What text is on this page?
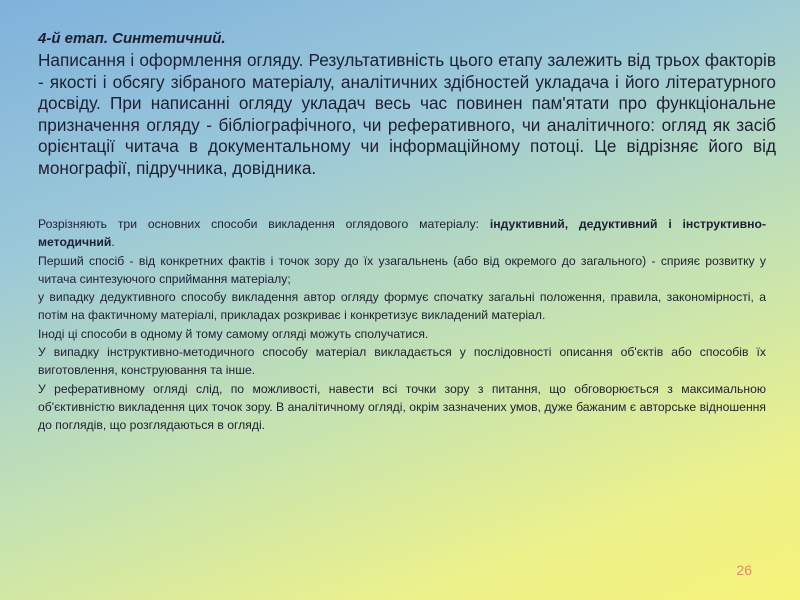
4-й етап. Синтетичний.

Написання і оформлення огляду. Результативність цього етапу залежить від трьох факторів - якості і обсягу зібраного матеріалу, аналітичних здібностей укладача і його літературного досвіду. При написанні огляду укладач весь час повинен пам'ятати про функціональне призначення огляду - бібліографічного, чи реферативного, чи аналітичного: огляд як засіб орієнтації читача в документальному чи інформаційному потоці. Це відрізняє його від монографії, підручника, довідника.

Розрізняють три основних способи викладення оглядового матеріалу: індуктивний, дедуктивний і інструктивно-методичний.

Перший спосіб - від конкретних фактів і точок зору до їх узагальнень (або від окремого до загального) - сприяє розвитку у читача синтезуючого сприймання матеріалу;

у випадку дедуктивного способу викладення автор огляду формує спочатку загальні положення, правила, закономірності, а потім на фактичному матеріалі, прикладах розкриває і конкретизує викладений матеріал.

Іноді ці способи в одному й тому самому огляді можуть сполучатися.

У випадку інструктивно-методичного способу матеріал викладається у послідовності описання об'єктів або способів їх виготовлення, конструювання та інше.

У реферативному огляді слід, по можливості, навести всі точки зору з питання, що обговорюється з максимальною об'єктивністю викладення цих точок зору. В аналітичному огляді, окрім зазначених умов, дуже бажаним є авторське відношення до поглядів, що розглядаються в огляді.

26
